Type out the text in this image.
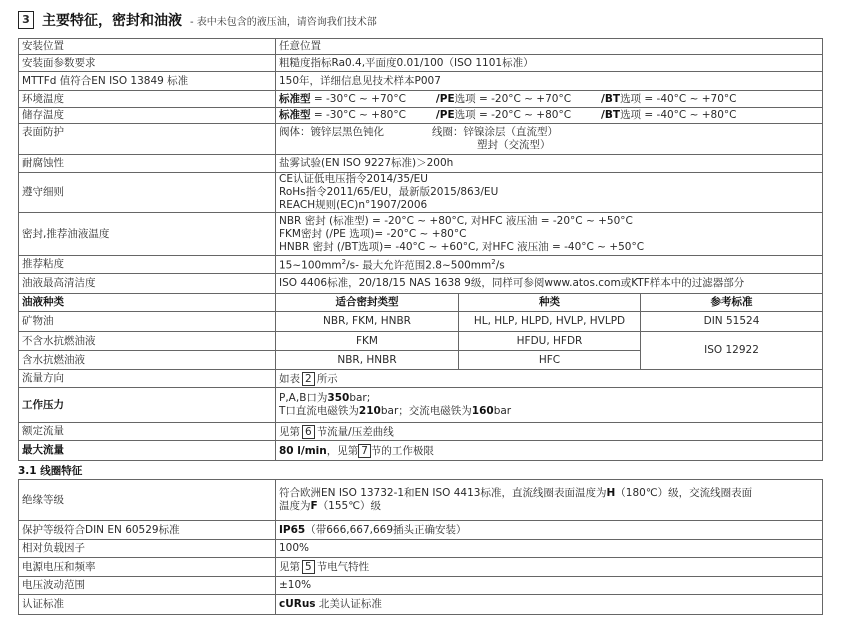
3 主要特征，密封和油液 - 表中未包含的液压油，请咨询我们技术部
安装位置	任意位置		
安装面参数要求	粗糙度指标Ra0.4,平面度0.01/100（ISO 1101标准）		
MTTFd 值符合EN ISO 13849 标准	150年，详细信息见技术样本P007		
环境温度	标准型 = -30°C ~ +70°C /PE选项 = -20°C ~ +70°C /BT选项 = -40°C ~ +70°C		
储存温度	标准型 = -30°C ~ +80°C /PE选项 = -20°C ~ +80°C /BT选项 = -40°C ~ +80°C		
表面防护	阀体：镀锌层黑色钝化 线圈：锌镍涂层（直流型）
塑封（交流型）		
耐腐蚀性	盐雾试验(EN ISO 9227标准)＞200h		
遵守细则	CE认证低电压指令2014/35/EU
RoHs指令2011/65/EU，最新版2015/863/EU
REACH规则(EC)n°1907/2006		

密封,推荐油液温度	NBR 密封 (标准型) = -20°C ~ +80°C, 对HFC 液压油 = -20°C ~ +50°C
FKM密封 (/PE 选项)= -20°C ~ +80°C
HNBR 密封 (/BT选项)= -40°C ~ +60°C, 对HFC 液压油 = -40°C ~ +50°C		

推荐粘度	$15\sim 100mm^2/s-$ 最大允许范围$2.8\sim 500mm^2/s$		
油液最高清洁度	ISO 4406标准，20/18/15 NAS 1638 9级，同样可参阅www.atos.com或KTF样本中的过滤器部分		
油液种类	适合密封类型	种类	参考标准
矿物油	NBR, FKM, HNBR	HL, HLP, HLPD, HVLP, HVLPD	DIN 51524
不含水抗燃油液	FKM	HFDU, HFDR	ISO 12922
含水抗燃油液	NBR, HNBR	HFC	
流量方向	如表 2 所示		
工作压力	P,A,B口为350bar;
T口直流电磁铁为210bar；交流电磁铁为160bar		

额定流量	见第 6 节流量/压差曲线		
最大流量	80 l/min，见第 7 节的工作极限		
3.1 线圈特征
绝缘等级	符合欧洲EN ISO 13732-1和EN ISO 4413标准，直流线圈表面温度为H（180℃）级，交流线圈表面
温度为F（155℃）级
保护等级符合DIN EN 60529标准	IP65（带666,667,669插头正确安装）
相对负载因子	100%
电源电压和频率	见第 5 节电气特性
电压波动范围	±10%
认证标准	cURus 北美认证标准
